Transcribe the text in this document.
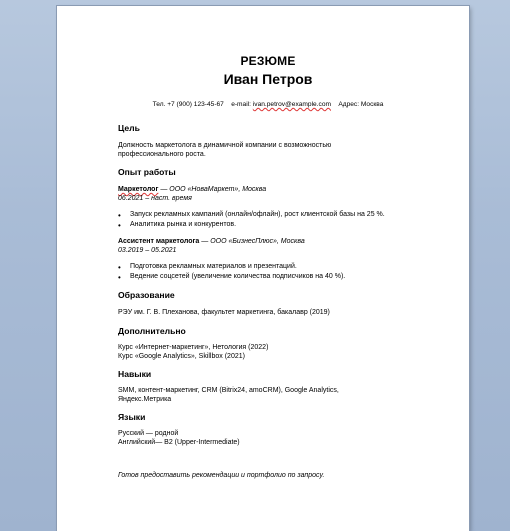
РЕЗЮМЕ
Иван Петров
Тел. +7 (900) 123-45-67 e-mail: ivan.petrov@example.com Адрес: Москва
Цель
Должность маркетолога в динамичной компании с возможностью
профессионального роста.
Опыт работы
Маркетолог — ООО «НоваМаркет», Москва
06.2021 – наст. время
• Запуск рекламных кампаний (онлайн/офлайн), рост клиентской базы на 25 %.
• Аналитика рынка и конкурентов.
Ассистент маркетолога — ООО «БизнесПлюс», Москва
03.2019 – 05.2021
• Подготовка рекламных материалов и презентаций.
• Ведение соцсетей (увеличение количества подписчиков на 40 %).
Образование
РЭУ им. Г. В. Плеханова, факультет маркетинга, бакалавр (2019)
Дополнительно
Курс «Интернет-маркетинг», Нетология (2022)
Курс «Google Analytics», Skillbox (2021)
Навыки
SMM, контент-маркетинг, CRM (Bitrix24, amoCRM), Google Analytics,
Яндекс.Метрика
Языки
Русский — родной
Английский— B2 (Upper-Intermediate)
Готов предоставить рекомендации и портфолио по запросу.
